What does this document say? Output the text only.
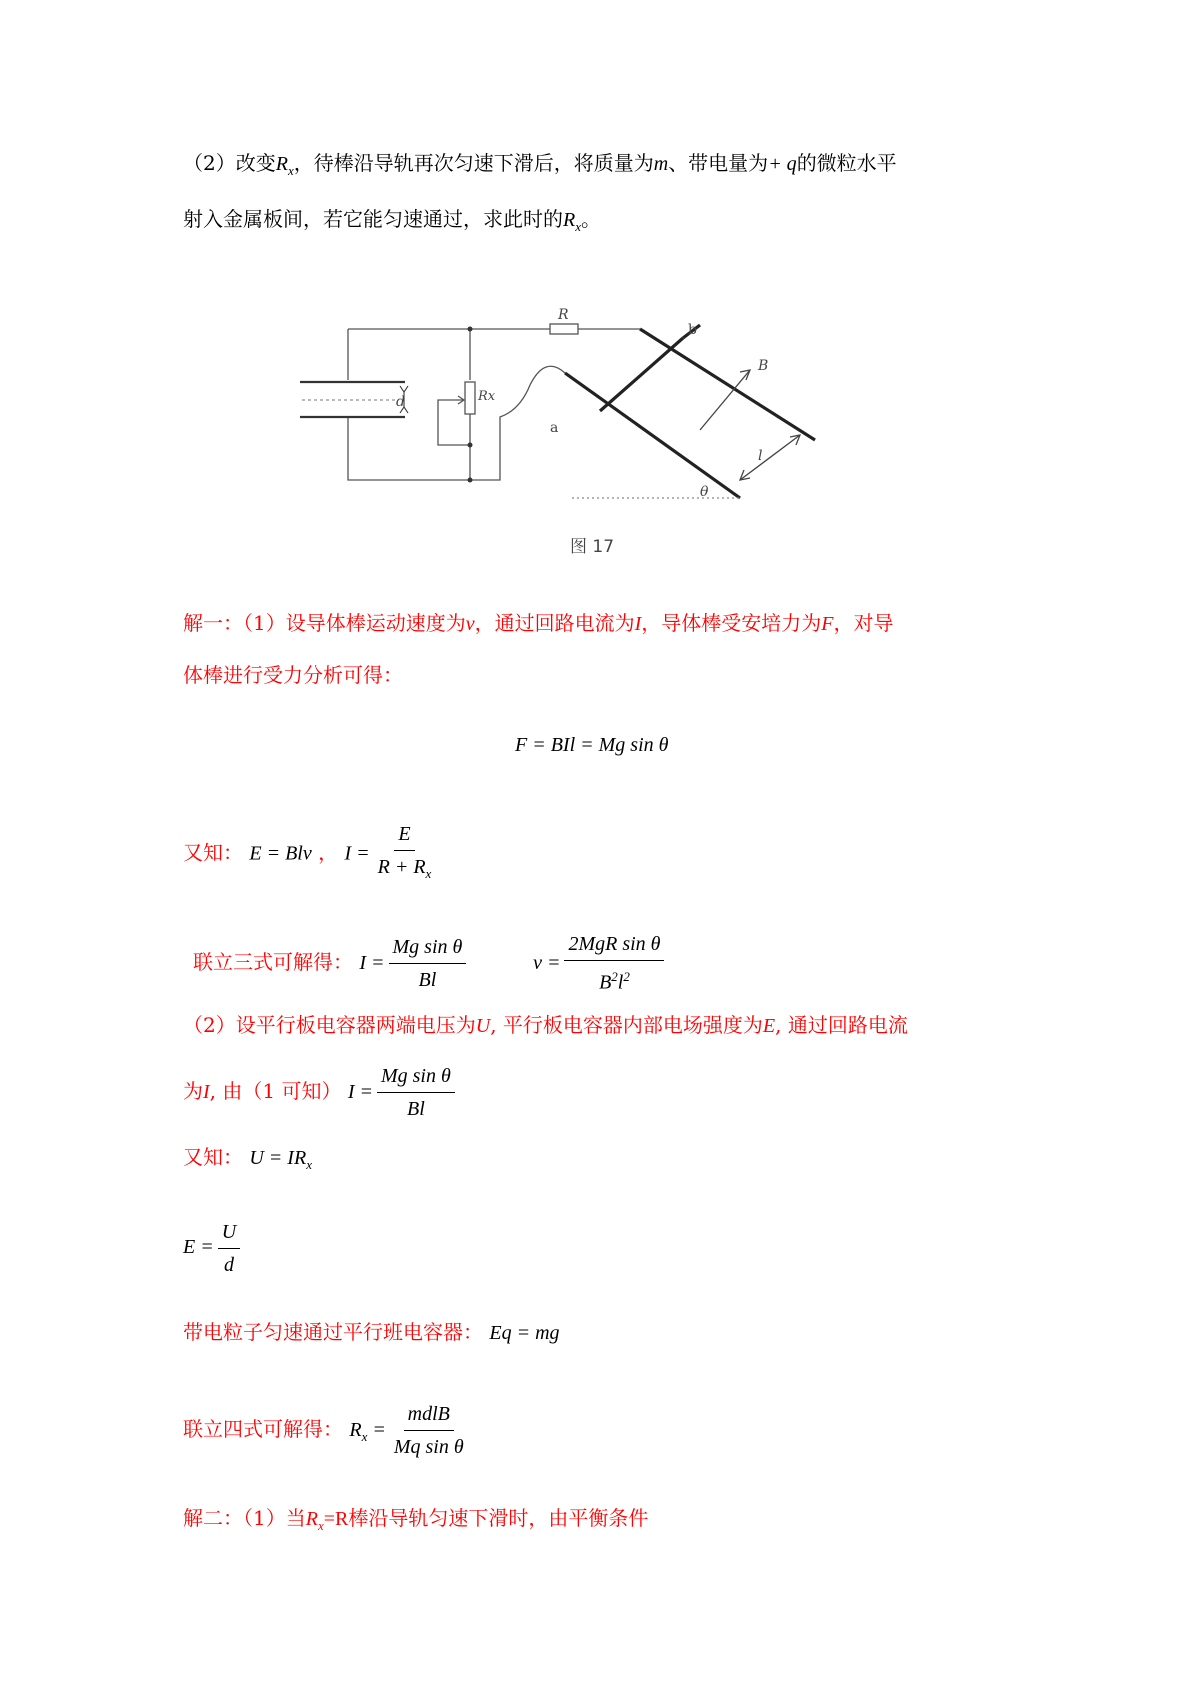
（2）改变$R_x$，待棒沿导轨再次匀速下滑后，将质量为m、带电量为+ q的微粒水平
射入金属板间，若它能匀速通过，求此时的$R_x$。
R
Rx
d
a
b
B
l
θ
图 17
解一：（1）设导体棒运动速度为v，通过回路电流为I，导体棒受安培力为F，对导
体棒进行受力分析可得：
F = BIl = Mg sin θ
又知： E = Blv ， $I = \frac{E}{R + R_x}$
联立三式可解得： $I = \frac{\text{Mg sin θ}}{Bl}$	$v = \frac{\text{2MgR sin θ}}{B^2l^2}$
（2）设平行板电容器两端电压为U, 平行板电容器内部电场强度为E, 通过回路电流
为I, 由（1 可知） $I = \frac{\text{Mg sin θ}}{Bl}$
又知： $U = IR_x$
$E = \frac{U}{d}$
带电粒子匀速通过平行班电容器： Eq = mg
联立四式可解得： $R_x = \frac{\text{mdlB}}{\text{Mq sin θ}}$
解二：（1）当$R_x=R$棒沿导轨匀速下滑时，由平衡条件
